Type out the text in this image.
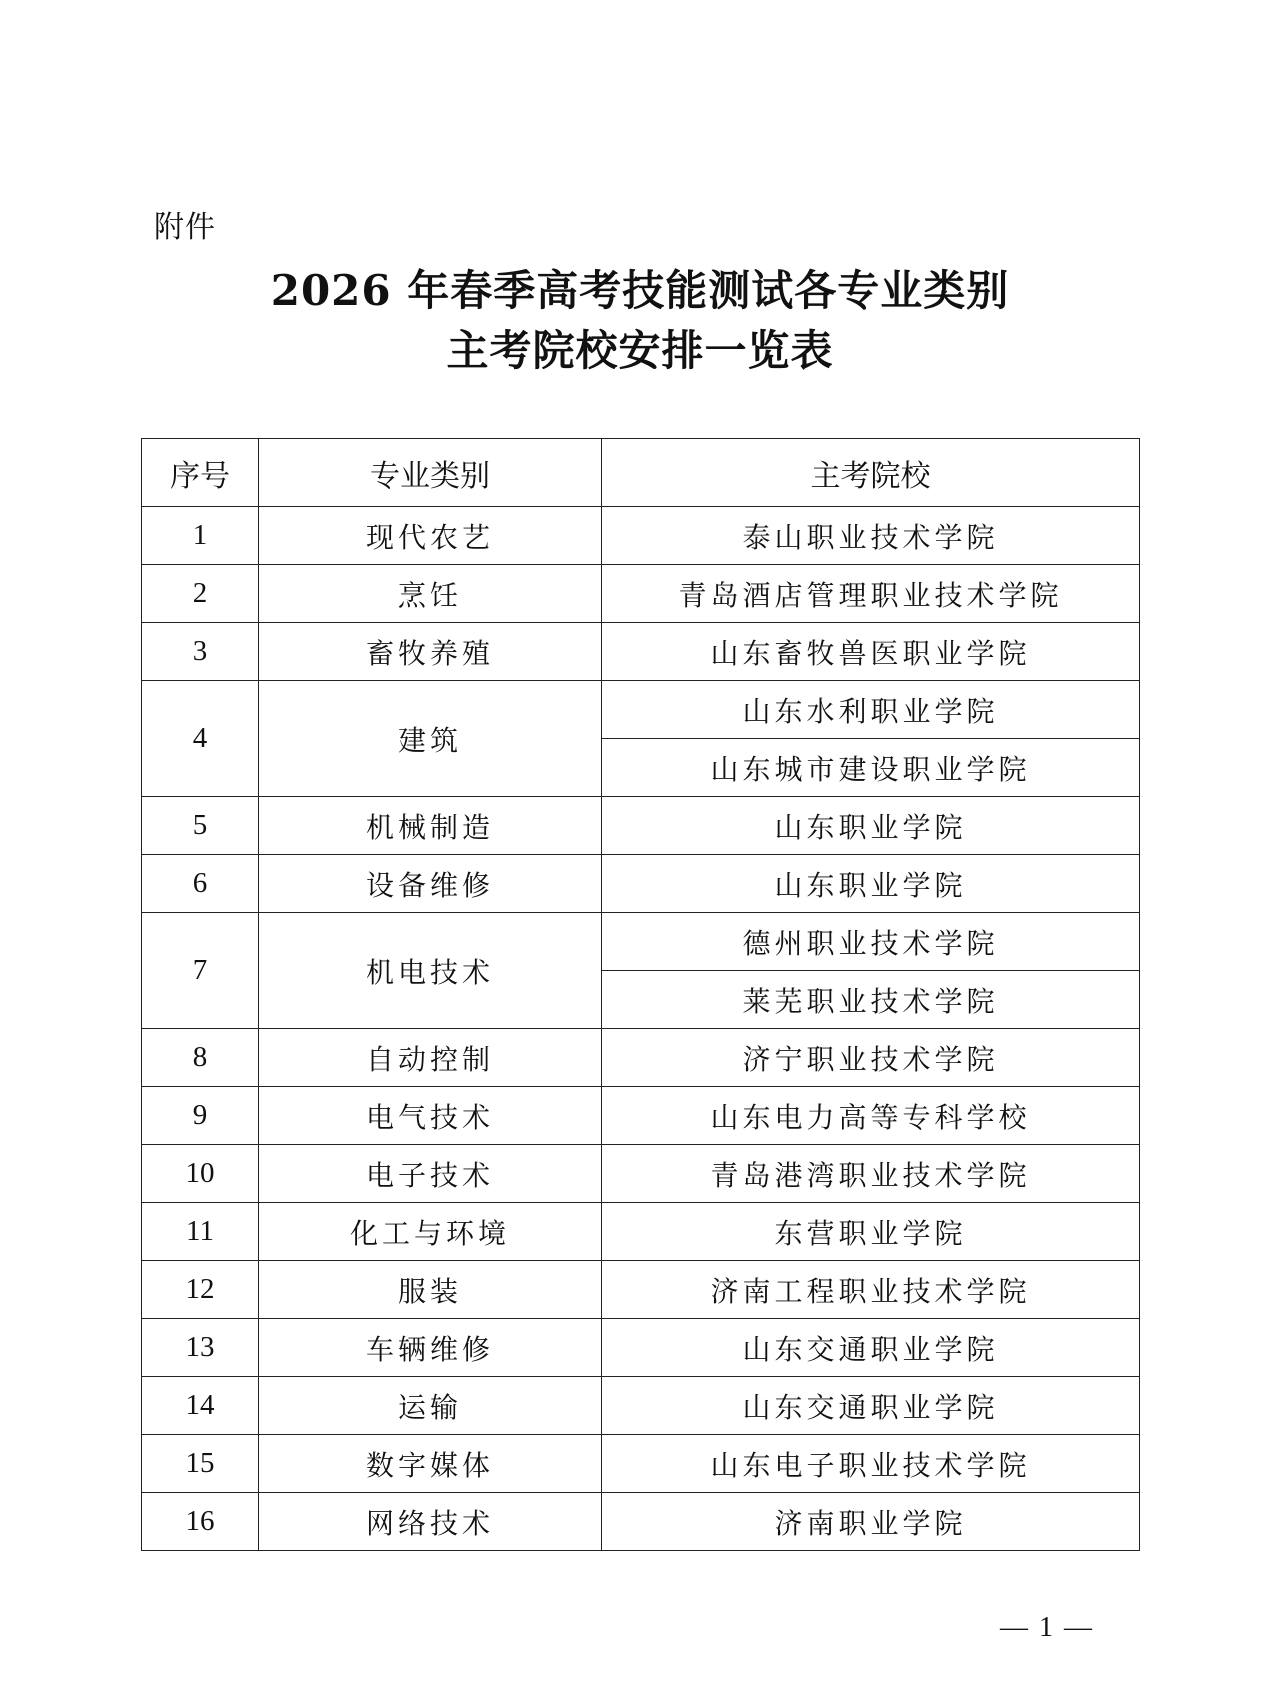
附件
2026 年春季高考技能测试各专业类别
主考院校安排一览表
序号	专业类别	主考院校
1	现代农艺	泰山职业技术学院
2	烹饪	青岛酒店管理职业技术学院
3	畜牧养殖	山东畜牧兽医职业学院
4	建筑	山东水利职业学院
		山东城市建设职业学院
5	机械制造	山东职业学院
6	设备维修	山东职业学院
7	机电技术	德州职业技术学院
		莱芜职业技术学院
8	自动控制	济宁职业技术学院
9	电气技术	山东电力高等专科学校
10	电子技术	青岛港湾职业技术学院
11	化工与环境	东营职业学院
12	服装	济南工程职业技术学院
13	车辆维修	山东交通职业学院
14	运输	山东交通职业学院
15	数字媒体	山东电子职业技术学院
16	网络技术	济南职业学院
— 1 —
